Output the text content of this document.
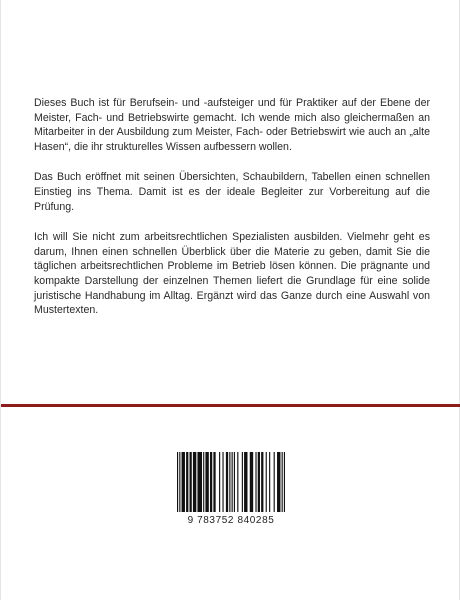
Dieses Buch ist für Berufsein- und -aufsteiger und für Praktiker auf der Ebene der Meister, Fach- und Betriebswirte gemacht. Ich wende mich also gleichermaßen an Mitarbeiter in der Ausbildung zum Meister, Fach- oder Betriebswirt wie auch an „alte Hasen“, die ihr strukturelles Wissen aufbessern wollen.

Das Buch eröffnet mit seinen Übersichten, Schaubildern, Tabellen einen schnellen Einstieg ins Thema. Damit ist es der ideale Begleiter zur Vorbereitung auf die Prüfung.

Ich will Sie nicht zum arbeitsrechtlichen Spezialisten ausbilden. Vielmehr geht es darum, Ihnen einen schnellen Überblick über die Materie zu geben, damit Sie die täglichen arbeitsrechtlichen Probleme im Betrieb lösen können. Die prägnante und kompakte Darstellung der einzelnen Themen liefert die Grundlage für eine solide juristische Handhabung im Alltag. Ergänzt wird das Ganze durch eine Auswahl von Mustertexten.

9 783752 840285
